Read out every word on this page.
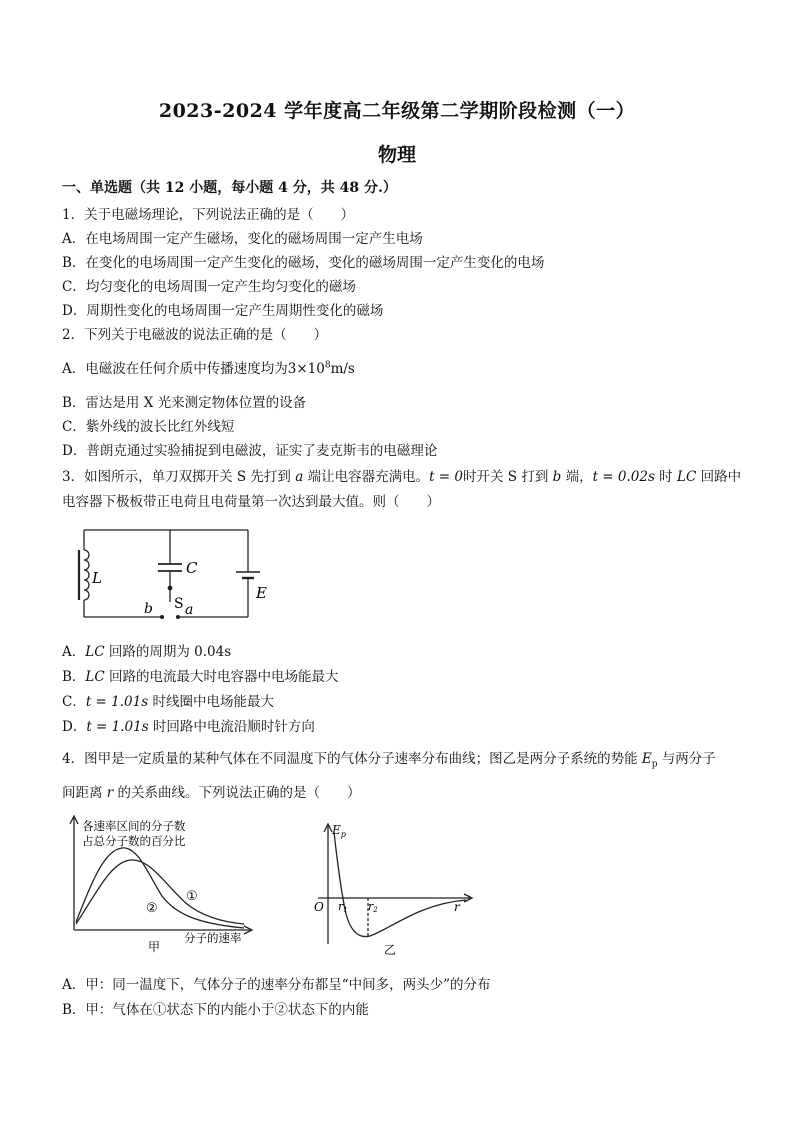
2023-2024 学年度高二年级第二学期阶段检测（一）
物理
一、单选题（共 12 小题，每小题 4 分，共 48 分.）
1．关于电磁场理论，下列说法正确的是（　　）
A．在电场周围一定产生磁场，变化的磁场周围一定产生电场
B．在变化的电场周围一定产生变化的磁场，变化的磁场周围一定产生变化的电场
C．均匀变化的电场周围一定产生均匀变化的磁场
D．周期性变化的电场周围一定产生周期性变化的磁场
2．下列关于电磁波的说法正确的是（　　）
A．电磁波在任何介质中传播速度均为$3\times 10^8m/s$
B．雷达是用 X 光来测定物体位置的设备
C．紫外线的波长比红外线短
D．普朗克通过实验捕捉到电磁波，证实了麦克斯韦的电磁理论
3．如图所示，单刀双掷开关 S 先打到 a 端让电容器充满电。t = 0时开关 S 打到 b 端，t = 0.02s 时 LC 回路中
电容器下极板带正电荷且电荷量第一次达到最大值。则（　　）
L
C
S a
b
E
A．LC 回路的周期为 0.04s
B．LC 回路的电流最大时电容器中电场能最大
C．t = 1.01s 时线圈中电场能最大
D．t = 1.01s 时回路中电流沿顺时针方向
4．图甲是一定质量的某种气体在不同温度下的气体分子速率分布曲线；图乙是两分子系统的势能 $E_p$ 与两分子
间距离 r 的关系曲线。下列说法正确的是（　　）
各速率区间的分子数
占总分子数的百分比
①
②
分子的速率
甲
$E_p$
O r1 r2	r
乙
A．甲：同一温度下，气体分子的速率分布都呈“中间多，两头少”的分布
B．甲：气体在①状态下的内能小于②状态下的内能
